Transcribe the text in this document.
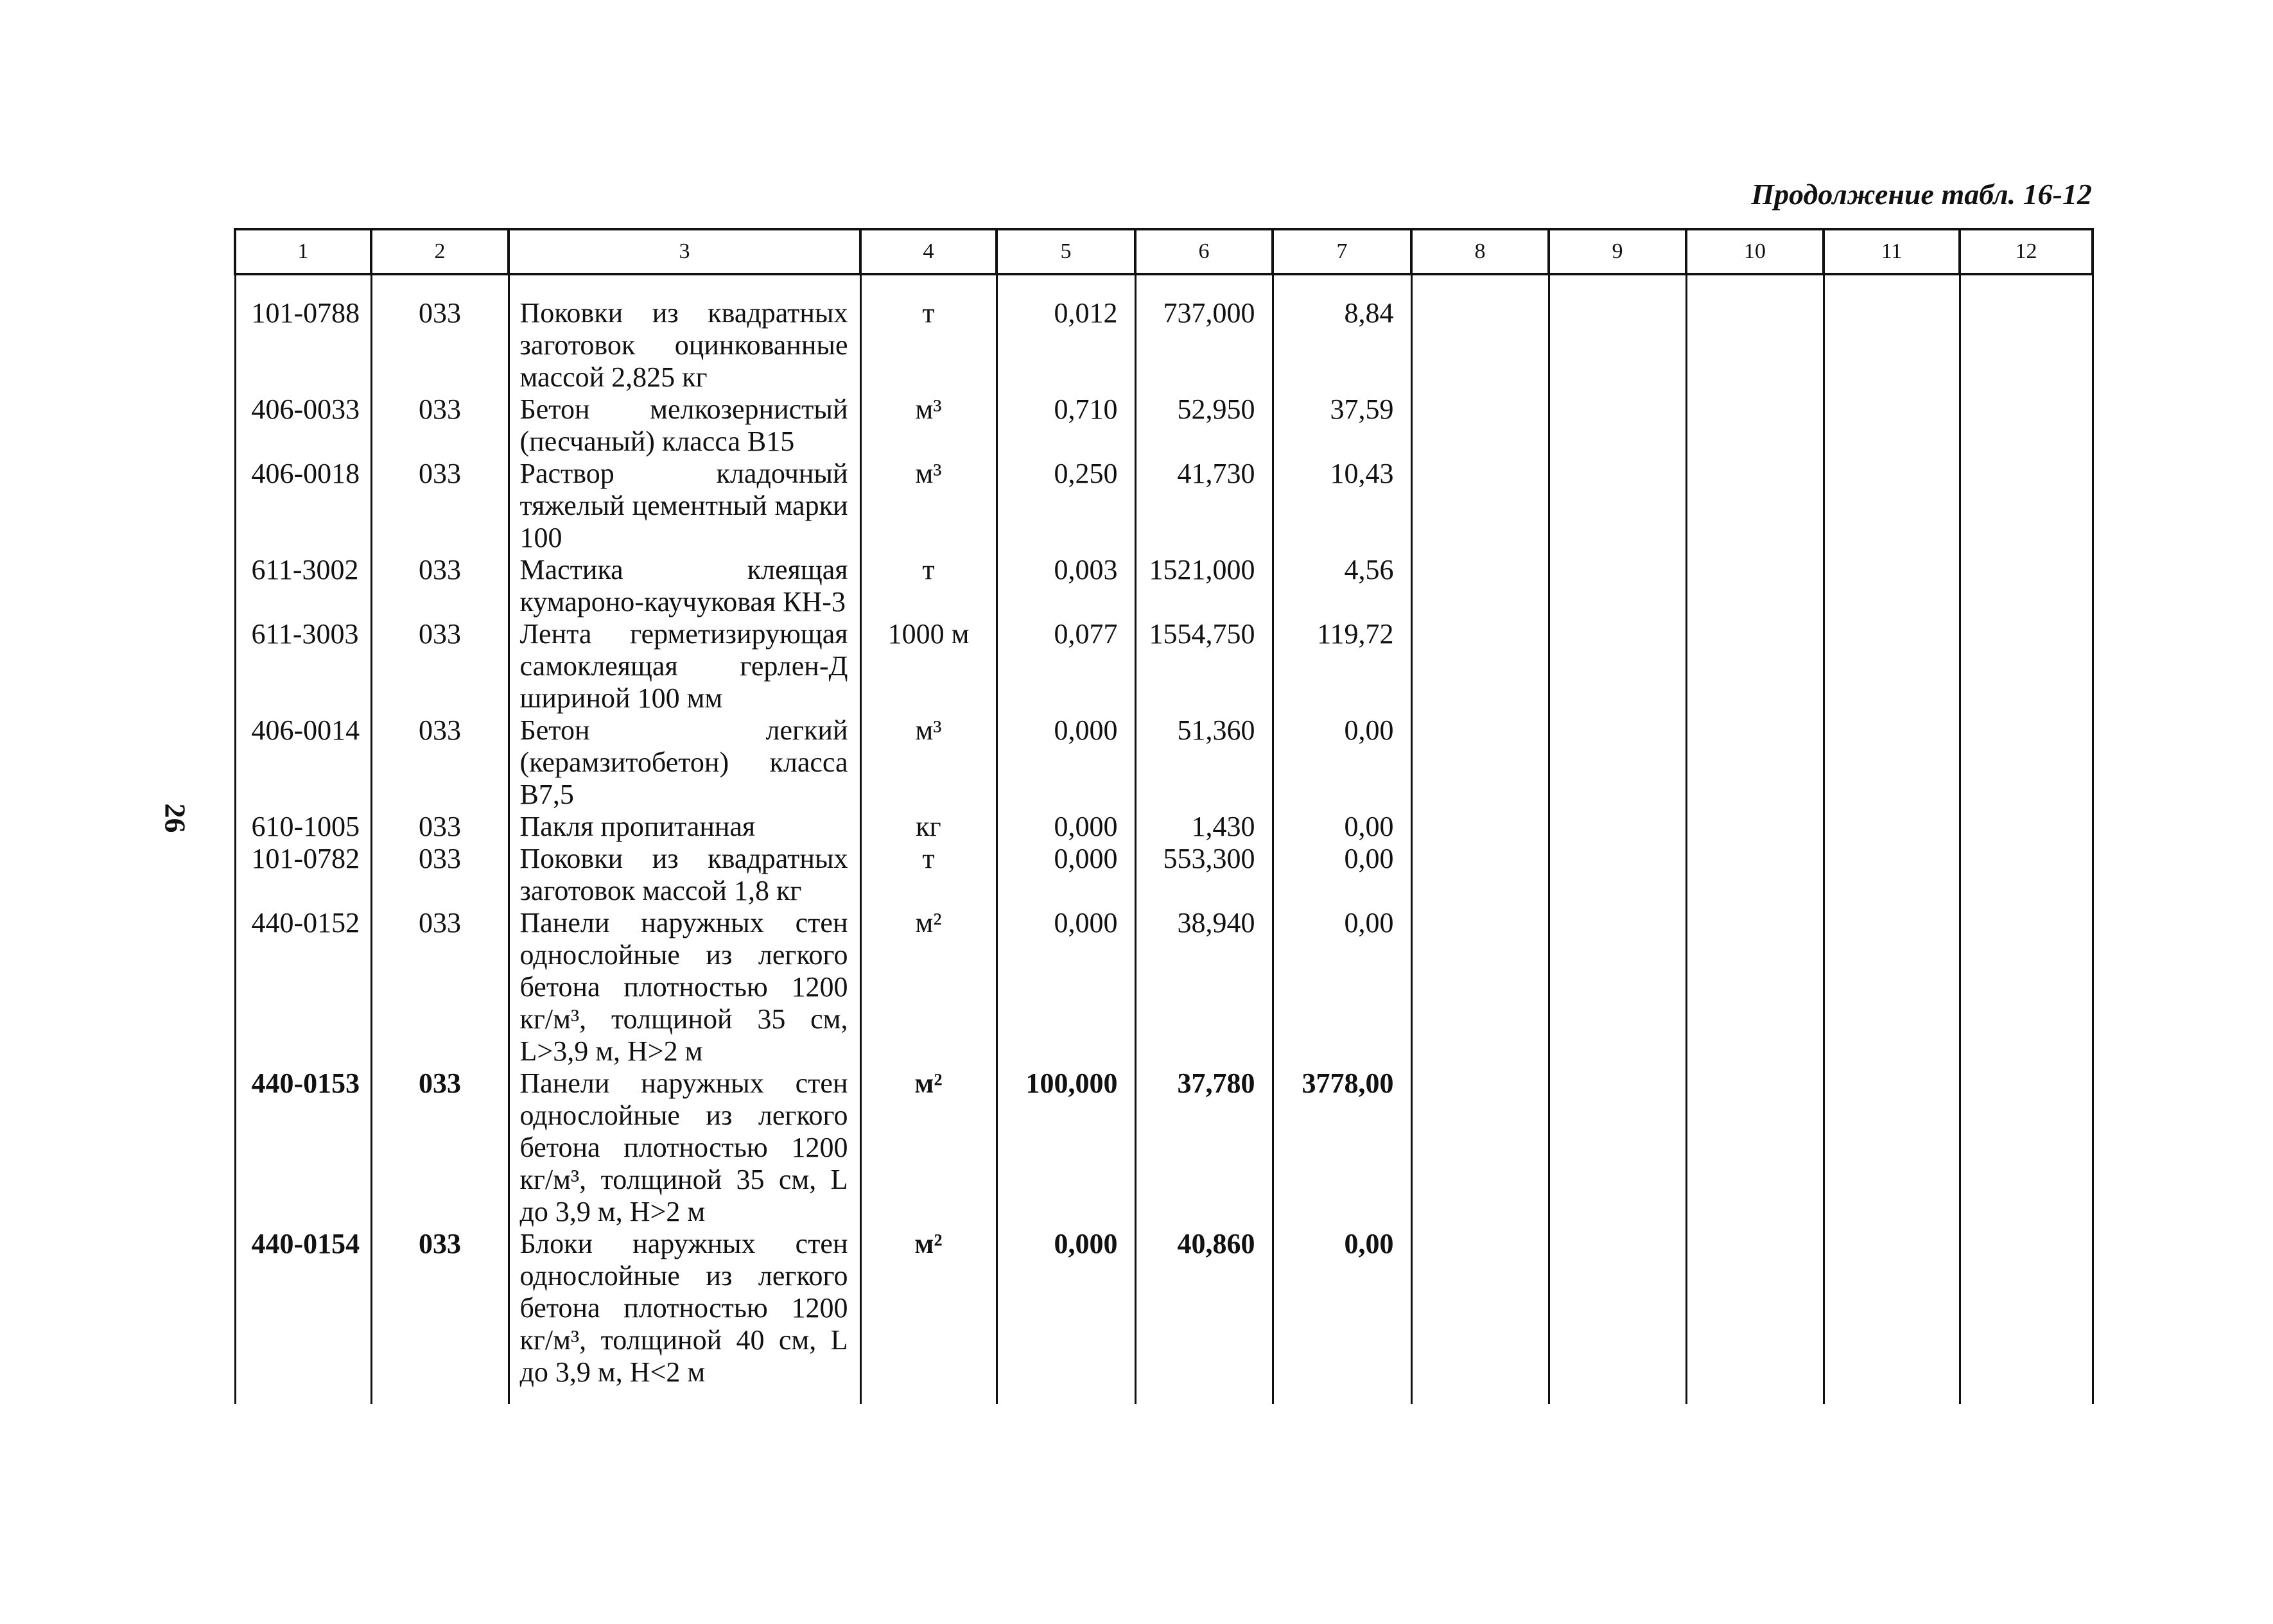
Продолжение табл. 16-12
26
1	2	3	4	5	6	7	8	9	10	11	12
101-0788	033	Поковки из квадратных заготовок оцинкованные массой 2,825 кг	т	0,012	737,000	8,84					
406-0033	033	Бетон мелкозернистый (песчаный) класса В15	м³	0,710	52,950	37,59					
406-0018	033	Раствор кладочный тяжелый цементный марки 100	м³	0,250	41,730	10,43					
611-3002	033	Мастика клеящая кумароно-каучуковая КН-3	т	0,003	1521,000	4,56					
611-3003	033	Лента герметизирующая самоклеящая герлен-Д шириной 100 мм	1000 м	0,077	1554,750	119,72					
406-0014	033	Бетон легкий (керамзитобетон) класса В7,5	м³	0,000	51,360	0,00					
610-1005	033	Пакля пропитанная	кг	0,000	1,430	0,00					
101-0782	033	Поковки из квадратных заготовок массой 1,8 кг	т	0,000	553,300	0,00					
440-0152	033	Панели наружных стен однослойные из легкого бетона плотностью 1200 кг/м³, толщиной 35 см, L>3,9 м, H>2 м	м²	0,000	38,940	0,00					
440-0153	033	Панели наружных стен однослойные из легкого бетона плотностью 1200 кг/м³, толщиной 35 см, L до 3,9 м, H>2 м	м²	100,000	37,780	3778,00					
440-0154	033	Блоки наружных стен однослойные из легкого бетона плотностью 1200 кг/м³, толщиной 40 см, L до 3,9 м, H<2 м	м²	0,000	40,860	0,00					
